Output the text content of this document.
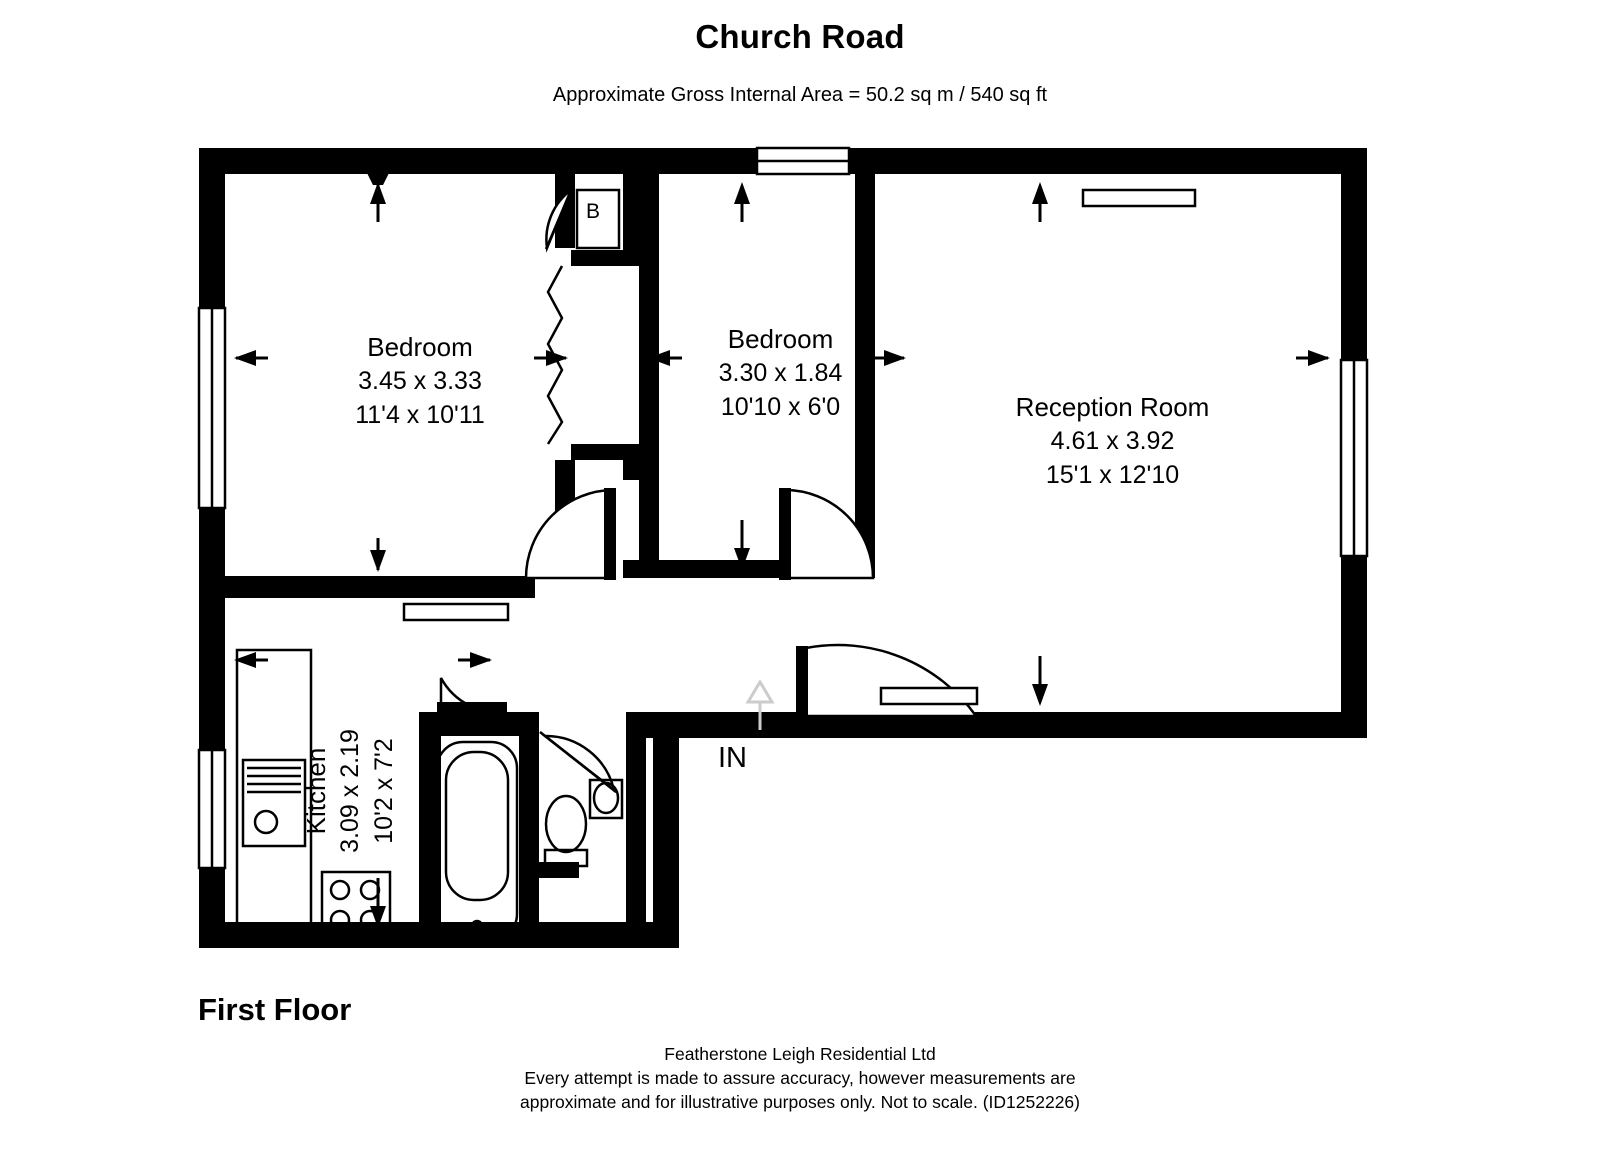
Church Road
Approximate Gross Internal Area = 50.2 sq m / 540 sq ft
Bedroom
3.45 x 3.33
11'4 x 10'11
Bedroom
3.30 x 1.84
10'10 x 6'0	Reception Room
4.61 x 3.92
15'1 x 12'10
Kitchen 3.09 x 2.19 10'2 x 7'2
B
IN
First Floor
Featherstone Leigh Residential Ltd
Every attempt is made to assure accuracy, however measurements are
approximate and for illustrative purposes only. Not to scale. (ID1252226)
